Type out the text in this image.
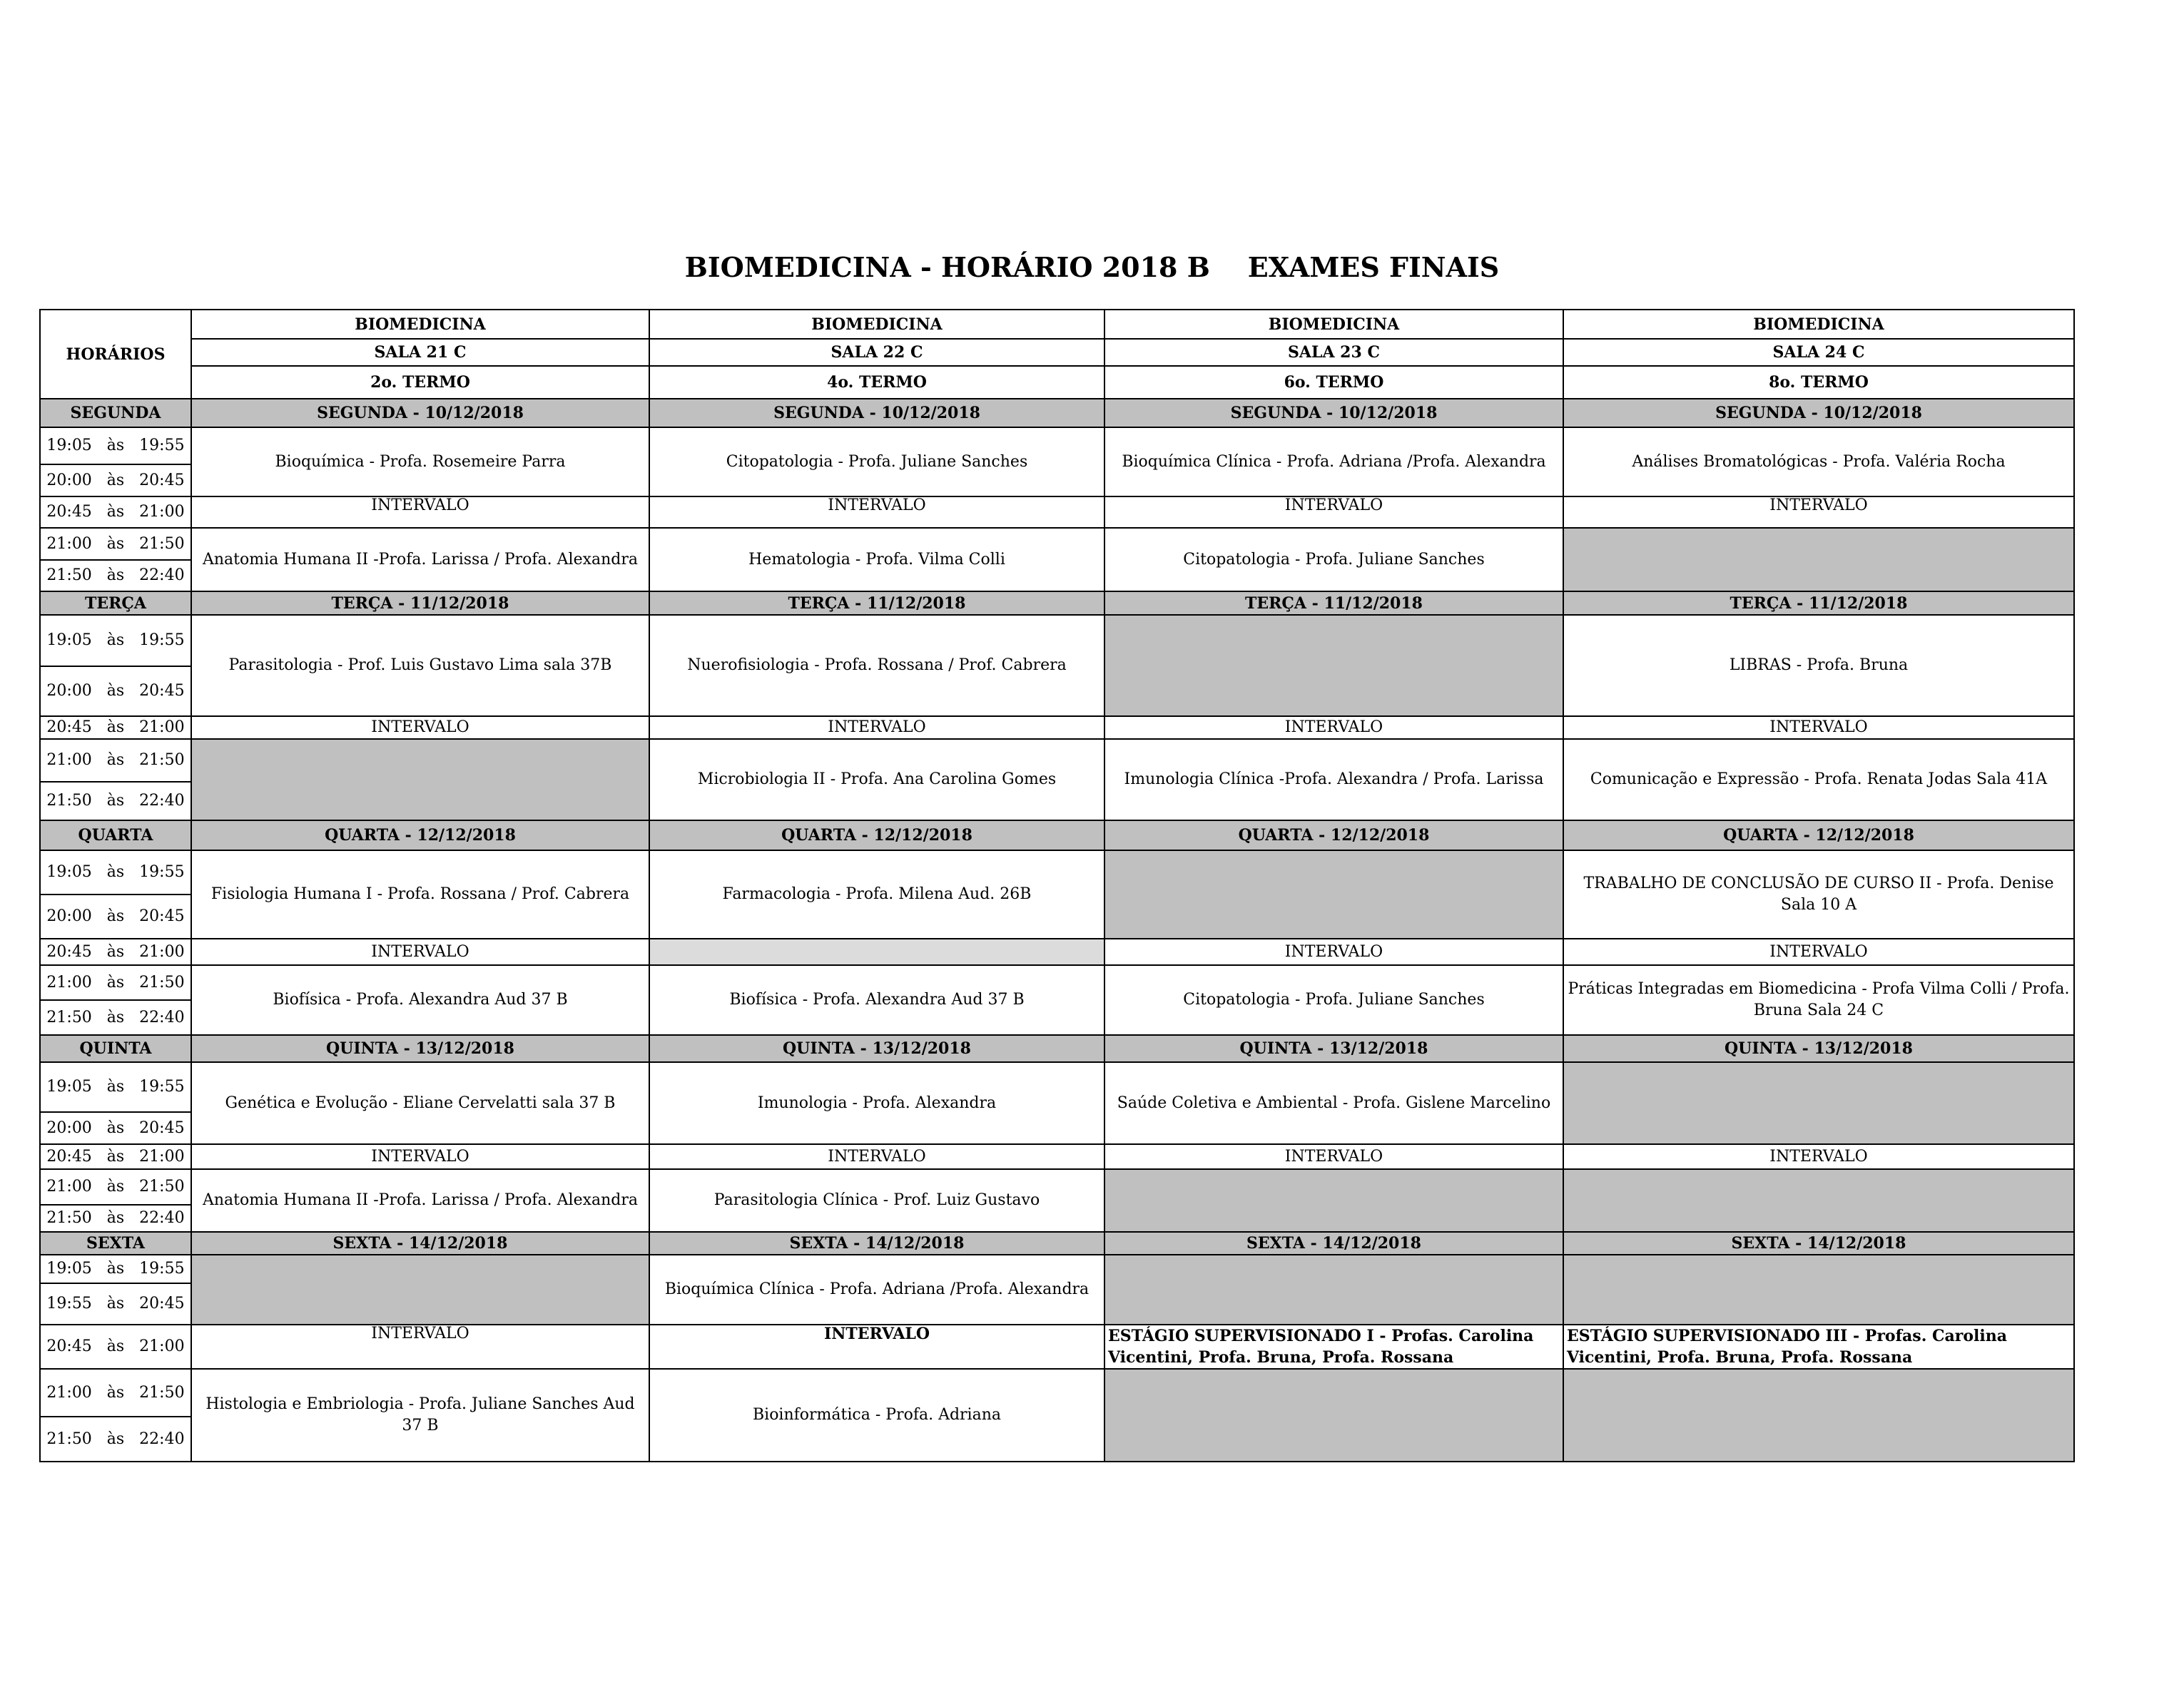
BIOMEDICINA - HORÁRIO 2018 B    EXAMES FINAIS
HORÁRIOS	BIOMEDICINA	BIOMEDICINA	BIOMEDICINA	BIOMEDICINA
	SALA 21 C	SALA 22 C	SALA 23 C	SALA 24 C
	2o. TERMO	4o. TERMO	6o. TERMO	8o. TERMO
SEGUNDA	SEGUNDA - 10/12/2018	SEGUNDA - 10/12/2018	SEGUNDA - 10/12/2018	SEGUNDA - 10/12/2018
19:05   às   19:55	Bioquímica - Profa. Rosemeire Parra	Citopatologia - Profa. Juliane Sanches	Bioquímica Clínica - Profa. Adriana /Profa. Alexandra	Análises Bromatológicas - Profa. Valéria Rocha
20:00   às   20:45				
20:45   às   21:00	INTERVALO	INTERVALO	INTERVALO	INTERVALO
21:00   às   21:50	Anatomia Humana II -Profa. Larissa / Profa. Alexandra	Hematologia - Profa. Vilma Colli	Citopatologia - Profa. Juliane Sanches	
21:50   às   22:40				
TERÇA	TERÇA - 11/12/2018	TERÇA - 11/12/2018	TERÇA - 11/12/2018	TERÇA - 11/12/2018
19:05   às   19:55	Parasitologia - Prof. Luis Gustavo Lima sala 37B	Nuerofisiologia - Profa. Rossana / Prof. Cabrera		LIBRAS - Profa. Bruna
20:00   às   20:45				
20:45   às   21:00	INTERVALO	INTERVALO	INTERVALO	INTERVALO
21:00   às   21:50		Microbiologia II - Profa. Ana Carolina Gomes	Imunologia Clínica -Profa. Alexandra / Profa. Larissa	Comunicação e Expressão - Profa. Renata Jodas Sala 41A
21:50   às   22:40				
QUARTA	QUARTA - 12/12/2018	QUARTA - 12/12/2018	QUARTA - 12/12/2018	QUARTA - 12/12/2018
19:05   às   19:55	Fisiologia Humana I - Profa. Rossana / Prof. Cabrera	Farmacologia - Profa. Milena Aud. 26B		TRABALHO DE CONCLUSÃO DE CURSO II - Profa. Denise Sala 10 A
20:00   às   20:45				
20:45   às   21:00	INTERVALO		INTERVALO	INTERVALO
21:00   às   21:50	Biofísica - Profa. Alexandra Aud 37 B	Biofísica - Profa. Alexandra Aud 37 B	Citopatologia - Profa. Juliane Sanches	Práticas Integradas em Biomedicina - Profa Vilma Colli / Profa. Bruna Sala 24 C
21:50   às   22:40				
QUINTA	QUINTA - 13/12/2018	QUINTA - 13/12/2018	QUINTA - 13/12/2018	QUINTA - 13/12/2018
19:05   às   19:55	Genética e Evolução - Eliane Cervelatti sala 37 B	Imunologia - Profa. Alexandra	Saúde Coletiva e Ambiental - Profa. Gislene Marcelino	
20:00   às   20:45				
20:45   às   21:00	INTERVALO	INTERVALO	INTERVALO	INTERVALO
21:00   às   21:50	Anatomia Humana II -Profa. Larissa / Profa. Alexandra	Parasitologia Clínica - Prof. Luiz Gustavo		
21:50   às   22:40				
SEXTA	SEXTA - 14/12/2018	SEXTA - 14/12/2018	SEXTA - 14/12/2018	SEXTA - 14/12/2018
19:05   às   19:55		Bioquímica Clínica - Profa. Adriana /Profa. Alexandra		
19:55   às   20:45				
20:45   às   21:00	INTERVALO	INTERVALO	ESTÁGIO SUPERVISIONADO I - Profas. Carolina Vicentini, Profa. Bruna, Profa. Rossana	ESTÁGIO SUPERVISIONADO III - Profas. Carolina Vicentini, Profa. Bruna, Profa. Rossana
21:00   às   21:50	Histologia e Embriologia - Profa. Juliane Sanches Aud 37 B	Bioinformática - Profa. Adriana		
21:50   às   22:40				
